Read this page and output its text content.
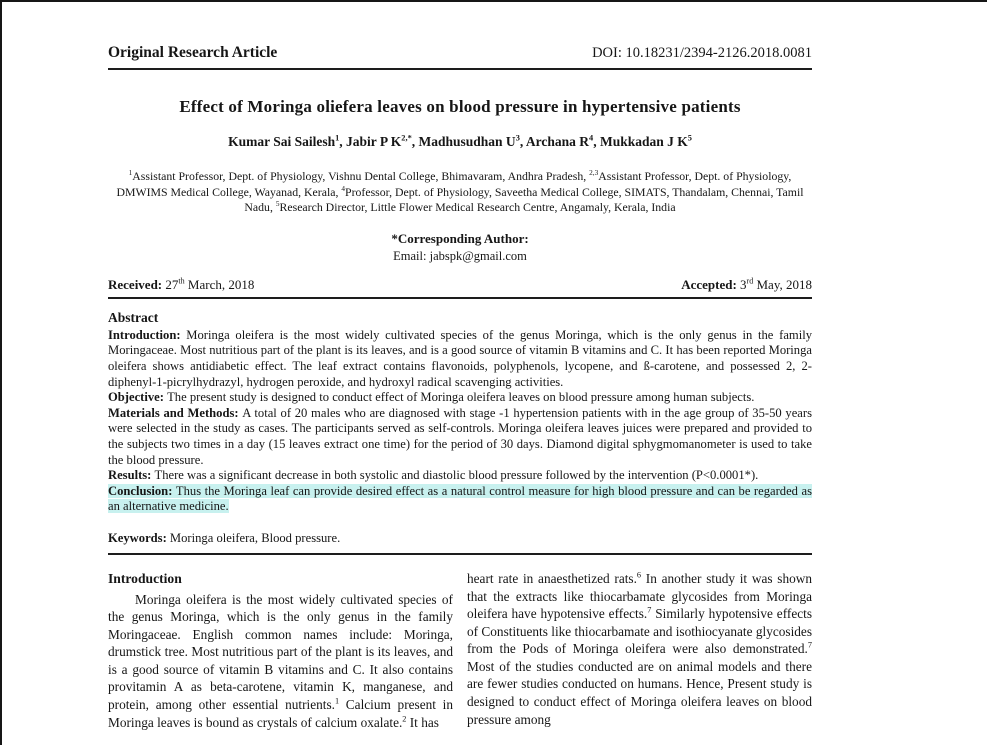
Original Research Article	DOI: 10.18231/2394-2126.2018.0081
Effect of Moringa oliefera leaves on blood pressure in hypertensive patients
Kumar Sai Sailesh$^1$, Jabir P $K^{2,*}$, Madhusudhan $U^3$, Archana $R^4$, Mukkadan J $K^5$
$^1$Assistant Professor, Dept. of Physiology, Vishnu Dental College, Bhimavaram, Andhra Pradesh, $^{2,3}$Assistant Professor, Dept. of Physiology, DMWIMS Medical College, Wayanad, Kerala, $^4$Professor, Dept. of Physiology, Saveetha Medical College, SIMATS, Thandalam, Chennai, Tamil Nadu, $^5$Research Director, Little Flower Medical Research Centre, Angamaly, Kerala, India
*Corresponding Author:
Email: jabspk@gmail.com
Received: 27th March, 2018	Accepted: 3rd May, 2018
Abstract

Introduction: Moringa oleifera is the most widely cultivated species of the genus Moringa, which is the only genus in the family Moringaceae. Most nutritious part of the plant is its leaves, and is a good source of vitamin B vitamins and C. It has been reported Moringa oleifera shows antidiabetic effect. The leaf extract contains flavonoids, polyphenols, lycopene, and ß-carotene, and possessed 2, 2-diphenyl-1-picrylhydrazyl, hydrogen peroxide, and hydroxyl radical scavenging activities.

Objective: The present study is designed to conduct effect of Moringa oleifera leaves on blood pressure among human subjects.

Materials and Methods: A total of 20 males who are diagnosed with stage -1 hypertension patients with in the age group of 35-50 years were selected in the study as cases. The participants served as self-controls. Moringa oleifera leaves juices were prepared and provided to the subjects two times in a day (15 leaves extract one time) for the period of 30 days. Diamond digital sphygmomanometer is used to take the blood pressure.

Results: There was a significant decrease in both systolic and diastolic blood pressure followed by the intervention (P<0.0001*).

Conclusion: Thus the Moringa leaf can provide desired effect as a natural control measure for high blood pressure and can be regarded as an alternative medicine.

Keywords: Moringa oleifera, Blood pressure.
Introduction

Moringa oleifera is the most widely cultivated species of the genus Moringa, which is the only genus in the family Moringaceae. English common names include: Moringa, drumstick tree. Most nutritious part of the plant is its leaves, and is a good source of vitamin B vitamins and C. It also contains provitamin A as beta-carotene, vitamin K, manganese, and protein, among other essential nutrients.$^1$ Calcium present in Moringa leaves is bound as crystals of calcium oxalate.$^2$ It has

heart rate in anaesthetized rats.$^6$ In another study it was shown that the extracts like thiocarbamate glycosides from Moringa oleifera have hypotensive effects.$^7$ Similarly hypotensive effects of Constituents like thiocarbamate and isothiocyanate glycosides from the Pods of Moringa oleifera were also demonstrated.$^7$ Most of the studies conducted are on animal models and there are fewer studies conducted on humans. Hence, Present study is designed to conduct effect of Moringa oleifera leaves on blood pressure among
